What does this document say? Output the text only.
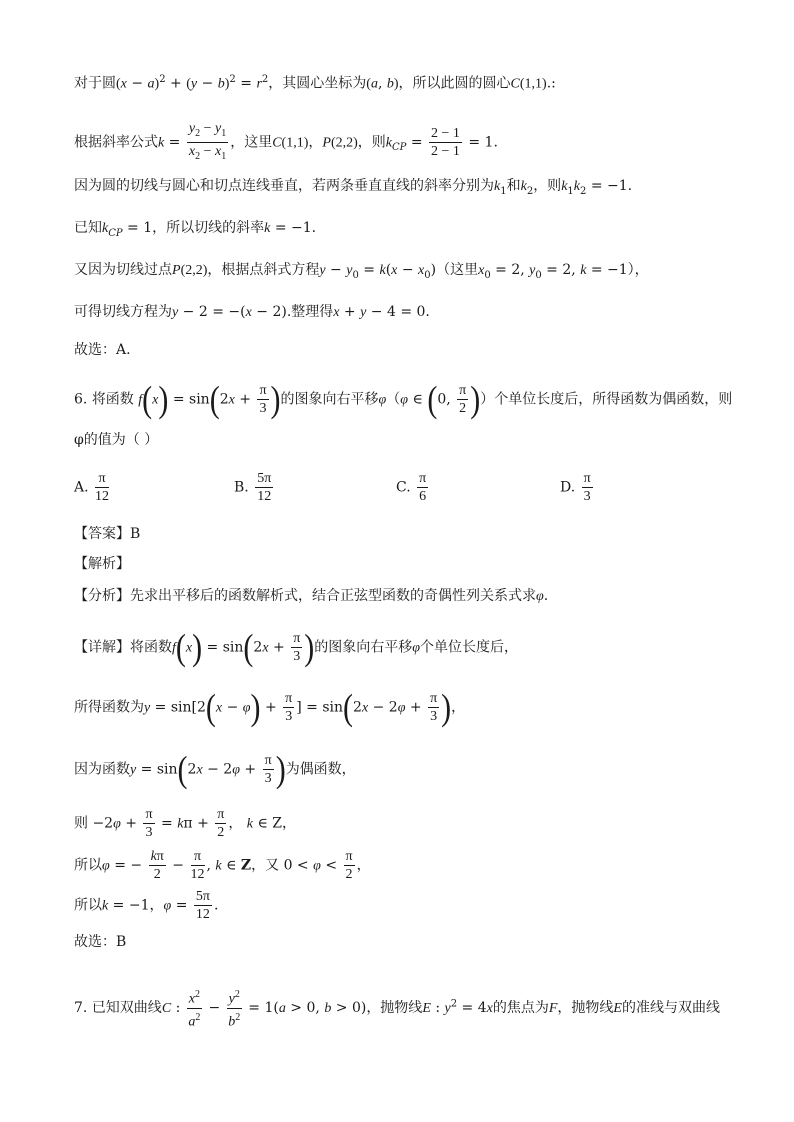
对于圆$(x - a)^2 + (y - b)^2 = r^2$，其圆心坐标为(a, b)，所以此圆的圆心C(1,1).:
根据斜率公式$k = \frac{y_2 - y_1}{x_2 - x_1}$ ，这里C(1,1)，P(2,2)，则$k_{CP} = \frac{2 - 1}{2 - 1} = 1$.
因为圆的切线与圆心和切点连线垂直，若两条垂直直线的斜率分别为$k_1$和$k_2$，则$k_1k_2 = -1$.
已知$k_{CP} = 1$，所以切线的斜率k = −1.
又因为切线过点P(2,2)，根据点斜式方程$y - y_0 = k(x - x_0)$（这里$x_0 = 2$, $y_0 = 2$, k = −1），
可得切线方程为y − 2 = −(x − 2).整理得x + y − 4 = 0.
故选：A.
6. 将函数 $f(x) = \sin(2x + \frac{\pi}{3}$ )的图象向右平移φ（φ ∈ (0, $\frac{\pi}{2}$ )）个单位长度后，所得函数为偶函数，则
φ的值为（ ）
A. $\frac{\pi}{12}$	B. $\frac{5\pi}{12}$	C. $\frac{\pi}{6}$	D. $\frac{\pi}{3}$
【答案】B
【解析】
【分析】先求出平移后的函数解析式，结合正弦型函数的奇偶性列关系式求φ.
【详解】将函数$f(x) = \sin(2x + \frac{\pi}{3}$ )的图象向右平移φ个单位长度后，
所得函数为$y = \sin[2(x - \varphi) + \frac{\pi}{3}$ ] = $\sin(2x - 2\varphi + \frac{\pi}{3}$ )，
因为函数$y = \sin(2x - 2\varphi + \frac{\pi}{3}$ )为偶函数，
则 $-2\varphi + \frac{\pi}{3} = k\pi + \frac{\pi}{2}$ ， k ∈ Z，
所以φ = − $\frac{k\pi}{2} - \frac{\pi}{12}$ , k ∈ Z，又 $0 < \varphi < \frac{\pi}{2}$ ，
所以k = −1，$\varphi = \frac{5\pi}{12}$ .
故选：B
7. 已知双曲线C : $\frac{x^2}{a^2} - \frac{y^2}{b^2} = 1(a > 0$, b > 0)，抛物线E : $y^2 = 4x$的焦点为F，抛物线E的准线与双曲线
